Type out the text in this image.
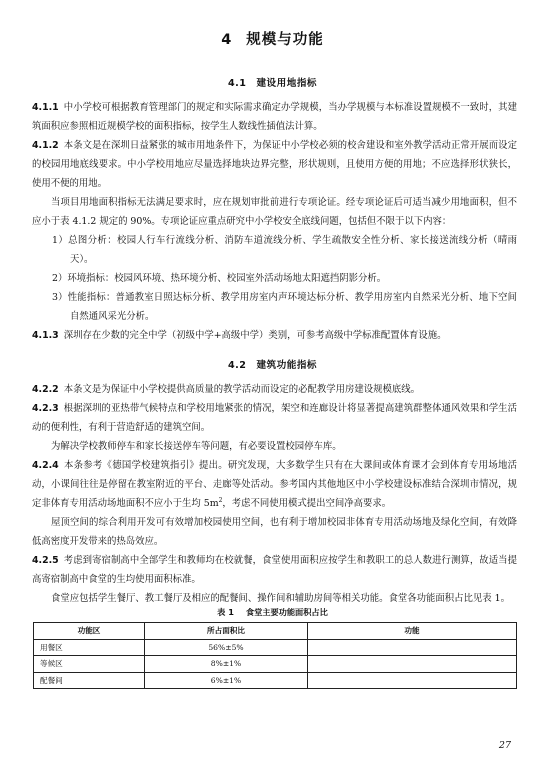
4 规模与功能
4.1 建设用地指标

4.1.1 中小学校可根据教育管理部门的规定和实际需求确定办学规模，当办学规模与本标准设置规模不一致时，其建筑面积应参照相近规模学校的面积指标，按学生人数线性插值法计算。

4.1.2 本条文是在深圳日益紧张的城市用地条件下，为保证中小学校必须的校舍建设和室外教学活动正常开展而设定的校园用地底线要求。中小学校用地应尽量选择地块边界完整，形状规则，且使用方便的用地；不应选择形状狭长，使用不便的用地。

当项目用地面积指标无法满足要求时，应在规划审批前进行专项论证。经专项论证后可适当减少用地面积，但不应小于表 4.1.2 规定的 90%。专项论证应重点研究中小学校安全底线问题，包括但不限于以下内容：

1）总图分析：校园人行车行流线分析、消防车道流线分析、学生疏散安全性分析、家长接送流线分析（晴雨天）。

2）环境指标：校园风环境、热环境分析、校园室外活动场地太阳遮挡阴影分析。

3）性能指标：普通教室日照达标分析、教学用房室内声环境达标分析、教学用房室内自然采光分析、地下空间自然通风采光分析。

4.1.3 深圳存在少数的完全中学（初级中学+高级中学）类别，可参考高级中学标准配置体育设施。

4.2 建筑功能指标

4.2.2 本条文是为保证中小学校提供高质量的教学活动而设定的必配教学用房建设规模底线。

4.2.3 根据深圳的亚热带气候特点和学校用地紧张的情况，架空和连廊设计将显著提高建筑群整体通风效果和学生活动的便利性，有利于营造舒适的建筑空间。

为解决学校教师停车和家长接送停车等问题，有必要设置校园停车库。

4.2.4 本条参考《德国学校建筑指引》提出。研究发现，大多数学生只有在大课间或体育课才会到体育专用场地活动，小课间往往是停留在教室附近的平台、走廊等处活动。参考国内其他地区中小学校建设标准结合深圳市情况，规定非体育专用活动场地面积不应小于生均 $5m^2$，考虑不同使用模式提出空间净高要求。

屋顶空间的综合利用开发可有效增加校园使用空间，也有利于增加校园非体育专用活动场地及绿化空间，有效降低高密度开发带来的热岛效应。

4.2.5 考虑到寄宿制高中全部学生和教师均在校就餐，食堂使用面积应按学生和教职工的总人数进行测算，故适当提高寄宿制高中食堂的生均使用面积标准。

食堂应包括学生餐厅、教工餐厅及相应的配餐间、操作间和辅助房间等相关功能。食堂各功能面积占比见表 1。

表 1 食堂主要功能面积占比
功能区	所占面积比	功能
用餐区	56%±5%	
等候区	8%±1%	
配餐间	6%±1%	
27
